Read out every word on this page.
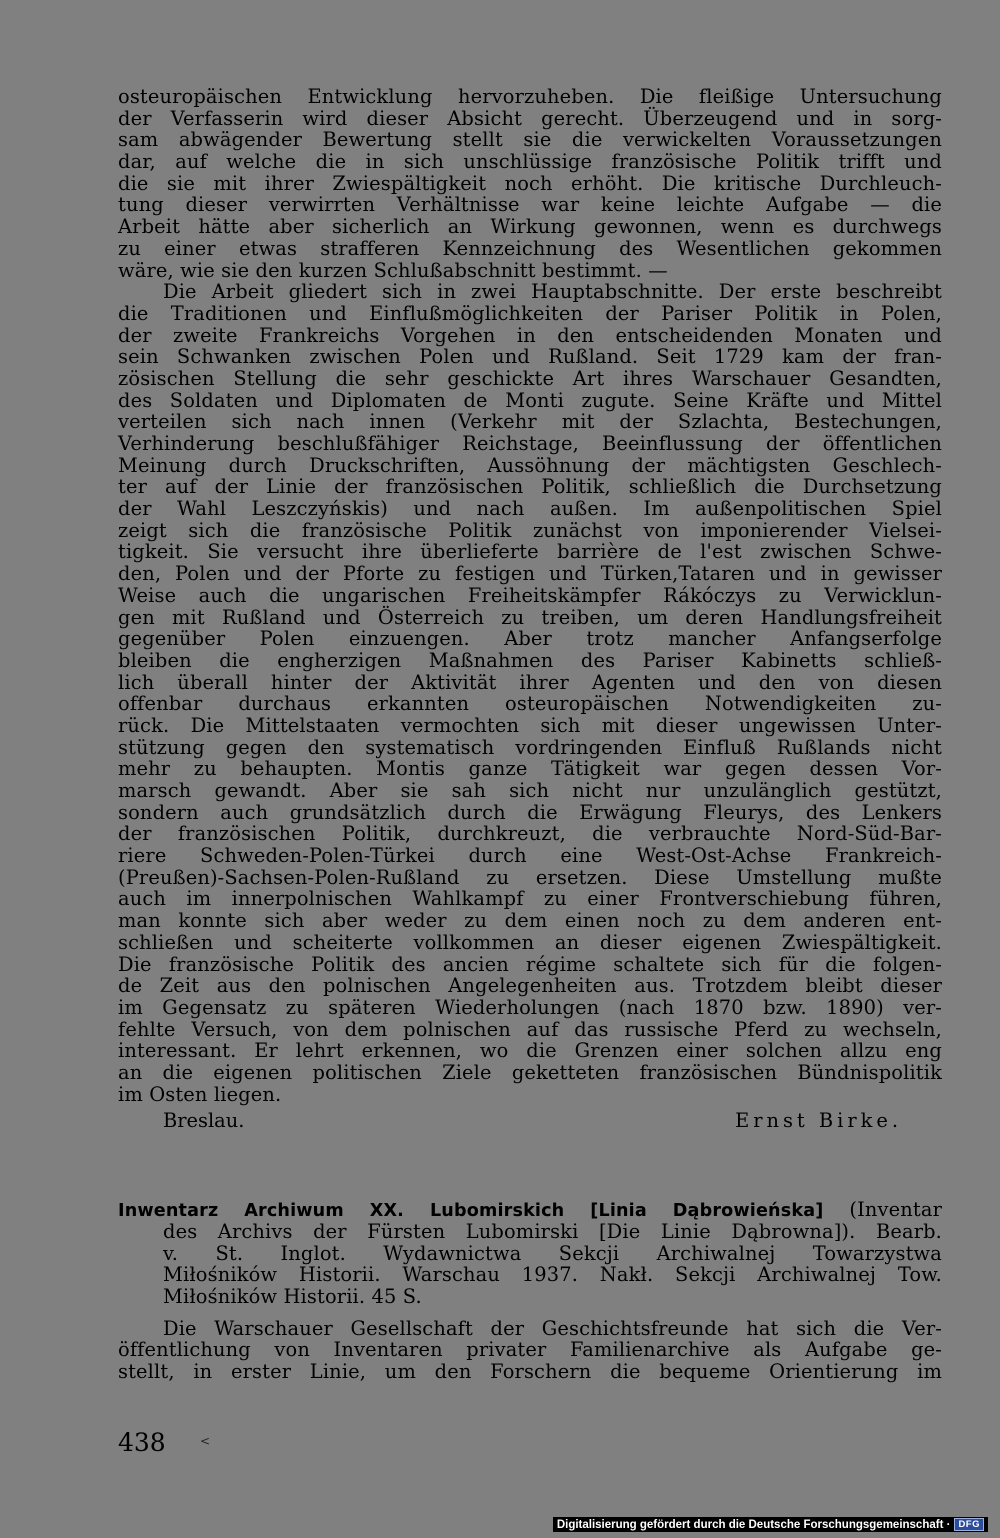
osteuropäischen Entwicklung hervorzuheben. Die fleißige Untersuchung
der Verfasserin wird dieser Absicht gerecht. Überzeugend und in sorg-
sam abwägender Bewertung stellt sie die verwickelten Voraussetzungen
dar, auf welche die in sich unschlüssige französische Politik trifft und
die sie mit ihrer Zwiespältigkeit noch erhöht. Die kritische Durchleuch-
tung dieser verwirrten Verhältnisse war keine leichte Aufgabe — die
Arbeit hätte aber sicherlich an Wirkung gewonnen, wenn es durchwegs
zu einer etwas strafferen Kennzeichnung des Wesentlichen gekommen
wäre, wie sie den kurzen Schlußabschnitt bestimmt. —
Die Arbeit gliedert sich in zwei Hauptabschnitte. Der erste beschreibt
die Traditionen und Einflußmöglichkeiten der Pariser Politik in Polen,
der zweite Frankreichs Vorgehen in den entscheidenden Monaten und
sein Schwanken zwischen Polen und Rußland. Seit 1729 kam der fran-
zösischen Stellung die sehr geschickte Art ihres Warschauer Gesandten,
des Soldaten und Diplomaten de Monti zugute. Seine Kräfte und Mittel
verteilen sich nach innen (Verkehr mit der Szlachta, Bestechungen,
Verhinderung beschlußfähiger Reichstage, Beeinflussung der öffentlichen
Meinung durch Druckschriften, Aussöhnung der mächtigsten Geschlech-
ter auf der Linie der französischen Politik, schließlich die Durchsetzung
der Wahl Leszczyńskis) und nach außen. Im außenpolitischen Spiel
zeigt sich die französische Politik zunächst von imponierender Vielsei-
tigkeit. Sie versucht ihre überlieferte barrière de l'est zwischen Schwe-
den, Polen und der Pforte zu festigen und Türken,Tataren und in gewisser
Weise auch die ungarischen Freiheitskämpfer Rákóczys zu Verwicklun-
gen mit Rußland und Österreich zu treiben, um deren Handlungsfreiheit
gegenüber Polen einzuengen. Aber trotz mancher Anfangserfolge
bleiben die engherzigen Maßnahmen des Pariser Kabinetts schließ-
lich überall hinter der Aktivität ihrer Agenten und den von diesen
offenbar durchaus erkannten osteuropäischen Notwendigkeiten zu-
rück. Die Mittelstaaten vermochten sich mit dieser ungewissen Unter-
stützung gegen den systematisch vordringenden Einfluß Rußlands nicht
mehr zu behaupten. Montis ganze Tätigkeit war gegen dessen Vor-
marsch gewandt. Aber sie sah sich nicht nur unzulänglich gestützt,
sondern auch grundsätzlich durch die Erwägung Fleurys, des Lenkers
der französischen Politik, durchkreuzt, die verbrauchte Nord-Süd-Bar-
riere Schweden-Polen-Türkei durch eine West-Ost-Achse Frankreich-
(Preußen)-Sachsen-Polen-Rußland zu ersetzen. Diese Umstellung mußte
auch im innerpolnischen Wahlkampf zu einer Frontverschiebung führen,
man konnte sich aber weder zu dem einen noch zu dem anderen ent-
schließen und scheiterte vollkommen an dieser eigenen Zwiespältigkeit.
Die französische Politik des ancien régime schaltete sich für die folgen-
de Zeit aus den polnischen Angelegenheiten aus. Trotzdem bleibt dieser
im Gegensatz zu späteren Wiederholungen (nach 1870 bzw. 1890) ver-
fehlte Versuch, von dem polnischen auf das russische Pferd zu wechseln,
interessant. Er lehrt erkennen, wo die Grenzen einer solchen allzu eng
an die eigenen politischen Ziele geketteten französischen Bündnispolitik
im Osten liegen.
Breslau.	Ernst Birke.
Inwentarz Archiwum XX. Lubomirskich [Linia Dąbrowieńska] (Inventar
des Archivs der Fürsten Lubomirski [Die Linie Dąbrowna]). Bearb.
v. St. Inglot. Wydawnictwa Sekcji Archiwalnej Towarzystwa
Miłośników Historii. Warschau 1937. Nakł. Sekcji Archiwalnej Tow.
Miłośników Historii. 45 S.
Die Warschauer Gesellschaft der Geschichtsfreunde hat sich die Ver-
öffentlichung von Inventaren privater Familienarchive als Aufgabe ge-
stellt, in erster Linie, um den Forschern die bequeme Orientierung im
438	<
Digitalisierung gefördert durch die Deutsche Forschungsgemeinschaft · DFG
